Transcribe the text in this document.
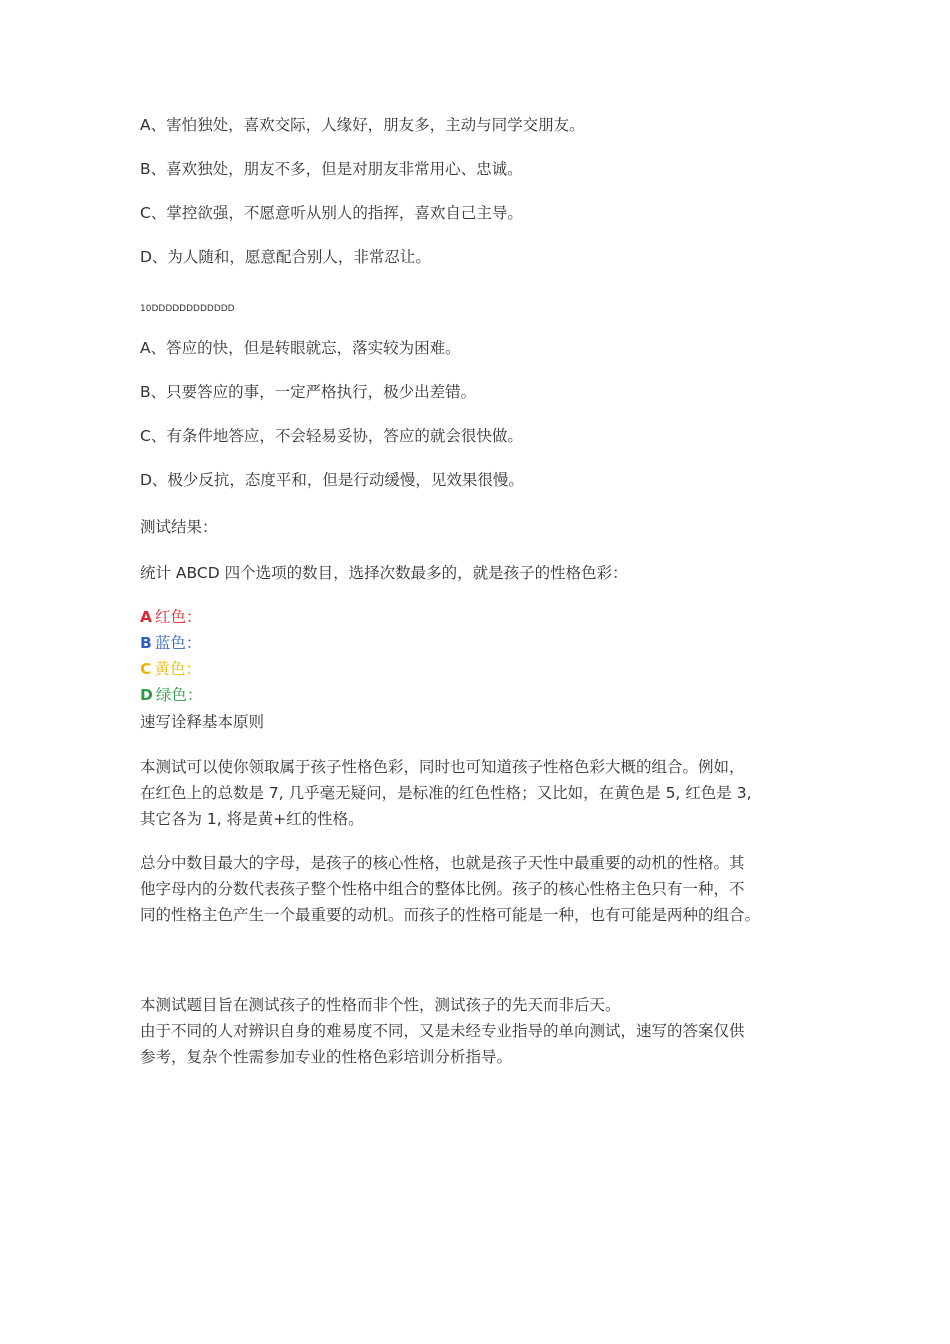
A、害怕独处，喜欢交际，人缘好，朋友多，主动与同学交朋友。
B、喜欢独处，朋友不多，但是对朋友非常用心、忠诚。
C、掌控欲强，不愿意听从别人的指挥，喜欢自己主导。
D、为人随和，愿意配合别人，非常忍让。
10DDDDDDDDDDDD
A、答应的快，但是转眼就忘，落实较为困难。
B、只要答应的事，一定严格执行，极少出差错。
C、有条件地答应，不会轻易妥协，答应的就会很快做。
D、极少反抗，态度平和，但是行动缓慢，见效果很慢。
测试结果：
统计 ABCD 四个选项的数目，选择次数最多的，就是孩子的性格色彩：
A 红色：
B 蓝色：
C 黄色：
D 绿色：
速写诠释基本原则
本测试可以使你领取属于孩子性格色彩，同时也可知道孩子性格色彩大概的组合。例如，
在红色上的总数是 7, 几乎毫无疑问，是标准的红色性格；又比如，在黄色是 5, 红色是 3,
其它各为 1, 将是黄+红的性格。
总分中数目最大的字母，是孩子的核心性格，也就是孩子天性中最重要的动机的性格。其
他字母内的分数代表孩子整个性格中组合的整体比例。孩子的核心性格主色只有一种，不
同的性格主色产生一个最重要的动机。而孩子的性格可能是一种，也有可能是两种的组合。
本测试题目旨在测试孩子的性格而非个性，测试孩子的先天而非后天。
由于不同的人对辨识自身的难易度不同，又是未经专业指导的单向测试，速写的答案仅供
参考，复杂个性需参加专业的性格色彩培训分析指导。
